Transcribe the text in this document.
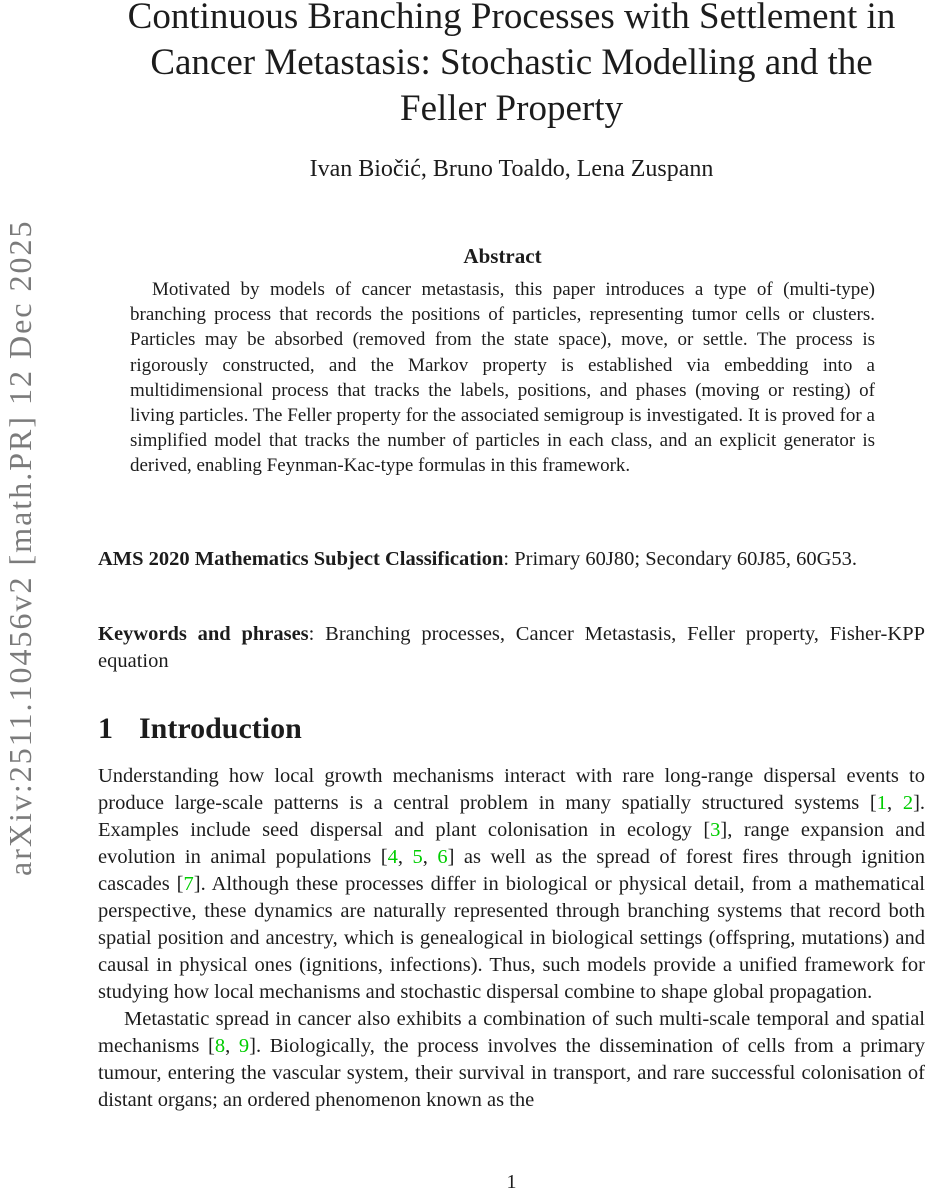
arXiv:2511.10456v2 [math.PR] 12 Dec 2025
Continuous Branching Processes with Settlement in
Cancer Metastasis: Stochastic Modelling and the
Feller Property
Ivan Biočić, Bruno Toaldo, Lena Zuspann
Abstract
Motivated by models of cancer metastasis, this paper introduces a type of (multi-type) branching process that records the positions of particles, representing tumor cells or clusters. Particles may be absorbed (removed from the state space), move, or settle. The process is rigorously constructed, and the Markov property is established via embedding into a multidimensional process that tracks the labels, positions, and phases (moving or resting) of living particles. The Feller property for the associated semigroup is investigated. It is proved for a simplified model that tracks the number of particles in each class, and an explicit generator is derived, enabling Feynman-Kac-type formulas in this framework.
AMS 2020 Mathematics Subject Classification: Primary 60J80; Secondary 60J85, 60G53.
Keywords and phrases: Branching processes, Cancer Metastasis, Feller property, Fisher-KPP equation
1 Introduction

Understanding how local growth mechanisms interact with rare long-range dispersal events to produce large-scale patterns is a central problem in many spatially structured systems [1, 2]. Examples include seed dispersal and plant colonisation in ecology [3], range expansion and evolution in animal populations [4, 5, 6] as well as the spread of forest fires through ignition cascades [7]. Although these processes differ in biological or physical detail, from a mathematical perspective, these dynamics are naturally represented through branching systems that record both spatial position and ancestry, which is genealogical in biological settings (offspring, mutations) and causal in physical ones (ignitions, infections). Thus, such models provide a unified framework for studying how local mechanisms and stochastic dispersal combine to shape global propagation.

Metastatic spread in cancer also exhibits a combination of such multi-scale temporal and spatial mechanisms [8, 9]. Biologically, the process involves the dissemination of cells from a primary tumour, entering the vascular system, their survival in transport, and rare successful colonisation of distant organs; an ordered phenomenon known as the

1
